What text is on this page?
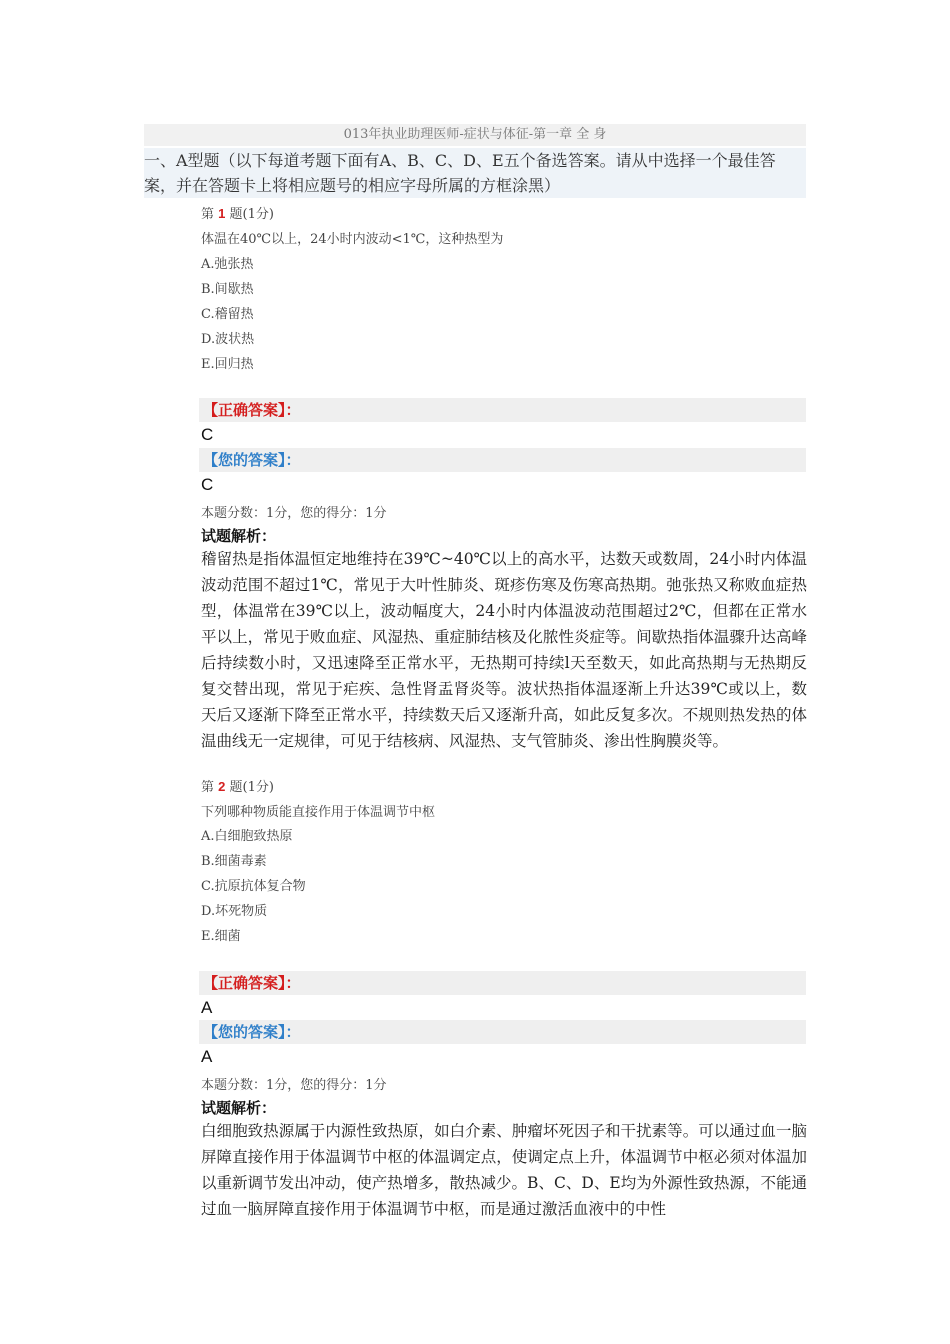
013年执业助理医师-症状与体征-第一章 全 身
一、A型题（以下每道考题下面有A、B、C、D、E五个备选答案。请从中选择一个最佳答案，并在答题卡上将相应题号的相应字母所属的方框涂黑）
第 1 题(1分)
体温在40℃以上，24小时内波动<1℃，这种热型为
A.弛张热
B.间歇热
C.稽留热
D.波状热
E.回归热
【正确答案】：
C
【您的答案】：
C
本题分数：1分，您的得分：1分
试题解析：
稽留热是指体温恒定地维持在39℃~40℃以上的高水平，达数天或数周，24小时内体温波动范围不超过1℃，常见于大叶性肺炎、斑疹伤寒及伤寒高热期。弛张热又称败血症热型，体温常在39℃以上，波动幅度大，24小时内体温波动范围超过2℃，但都在正常水平以上，常见于败血症、风湿热、重症肺结核及化脓性炎症等。间歇热指体温骤升达高峰后持续数小时，又迅速降至正常水平，无热期可持续l天至数天，如此高热期与无热期反复交替出现，常见于疟疾、急性肾盂肾炎等。波状热指体温逐渐上升达39℃或以上，数天后又逐渐下降至正常水平，持续数天后又逐渐升高，如此反复多次。不规则热发热的体温曲线无一定规律，可见于结核病、风湿热、支气管肺炎、渗出性胸膜炎等。
第 2 题(1分)
下列哪种物质能直接作用于体温调节中枢
A.白细胞致热原
B.细菌毒素
C.抗原抗体复合物
D.坏死物质
E.细菌
【正确答案】：
A
【您的答案】：
A
本题分数：1分，您的得分：1分
试题解析：
白细胞致热源属于内源性致热原，如白介素、肿瘤坏死因子和干扰素等。可以通过血一脑屏障直接作用于体温调节中枢的体温调定点，使调定点上升，体温调节中枢必须对体温加以重新调节发出冲动，使产热增多，散热减少。B、C、D、E均为外源性致热源，不能通过血一脑屏障直接作用于体温调节中枢，而是通过激活血液中的中性
